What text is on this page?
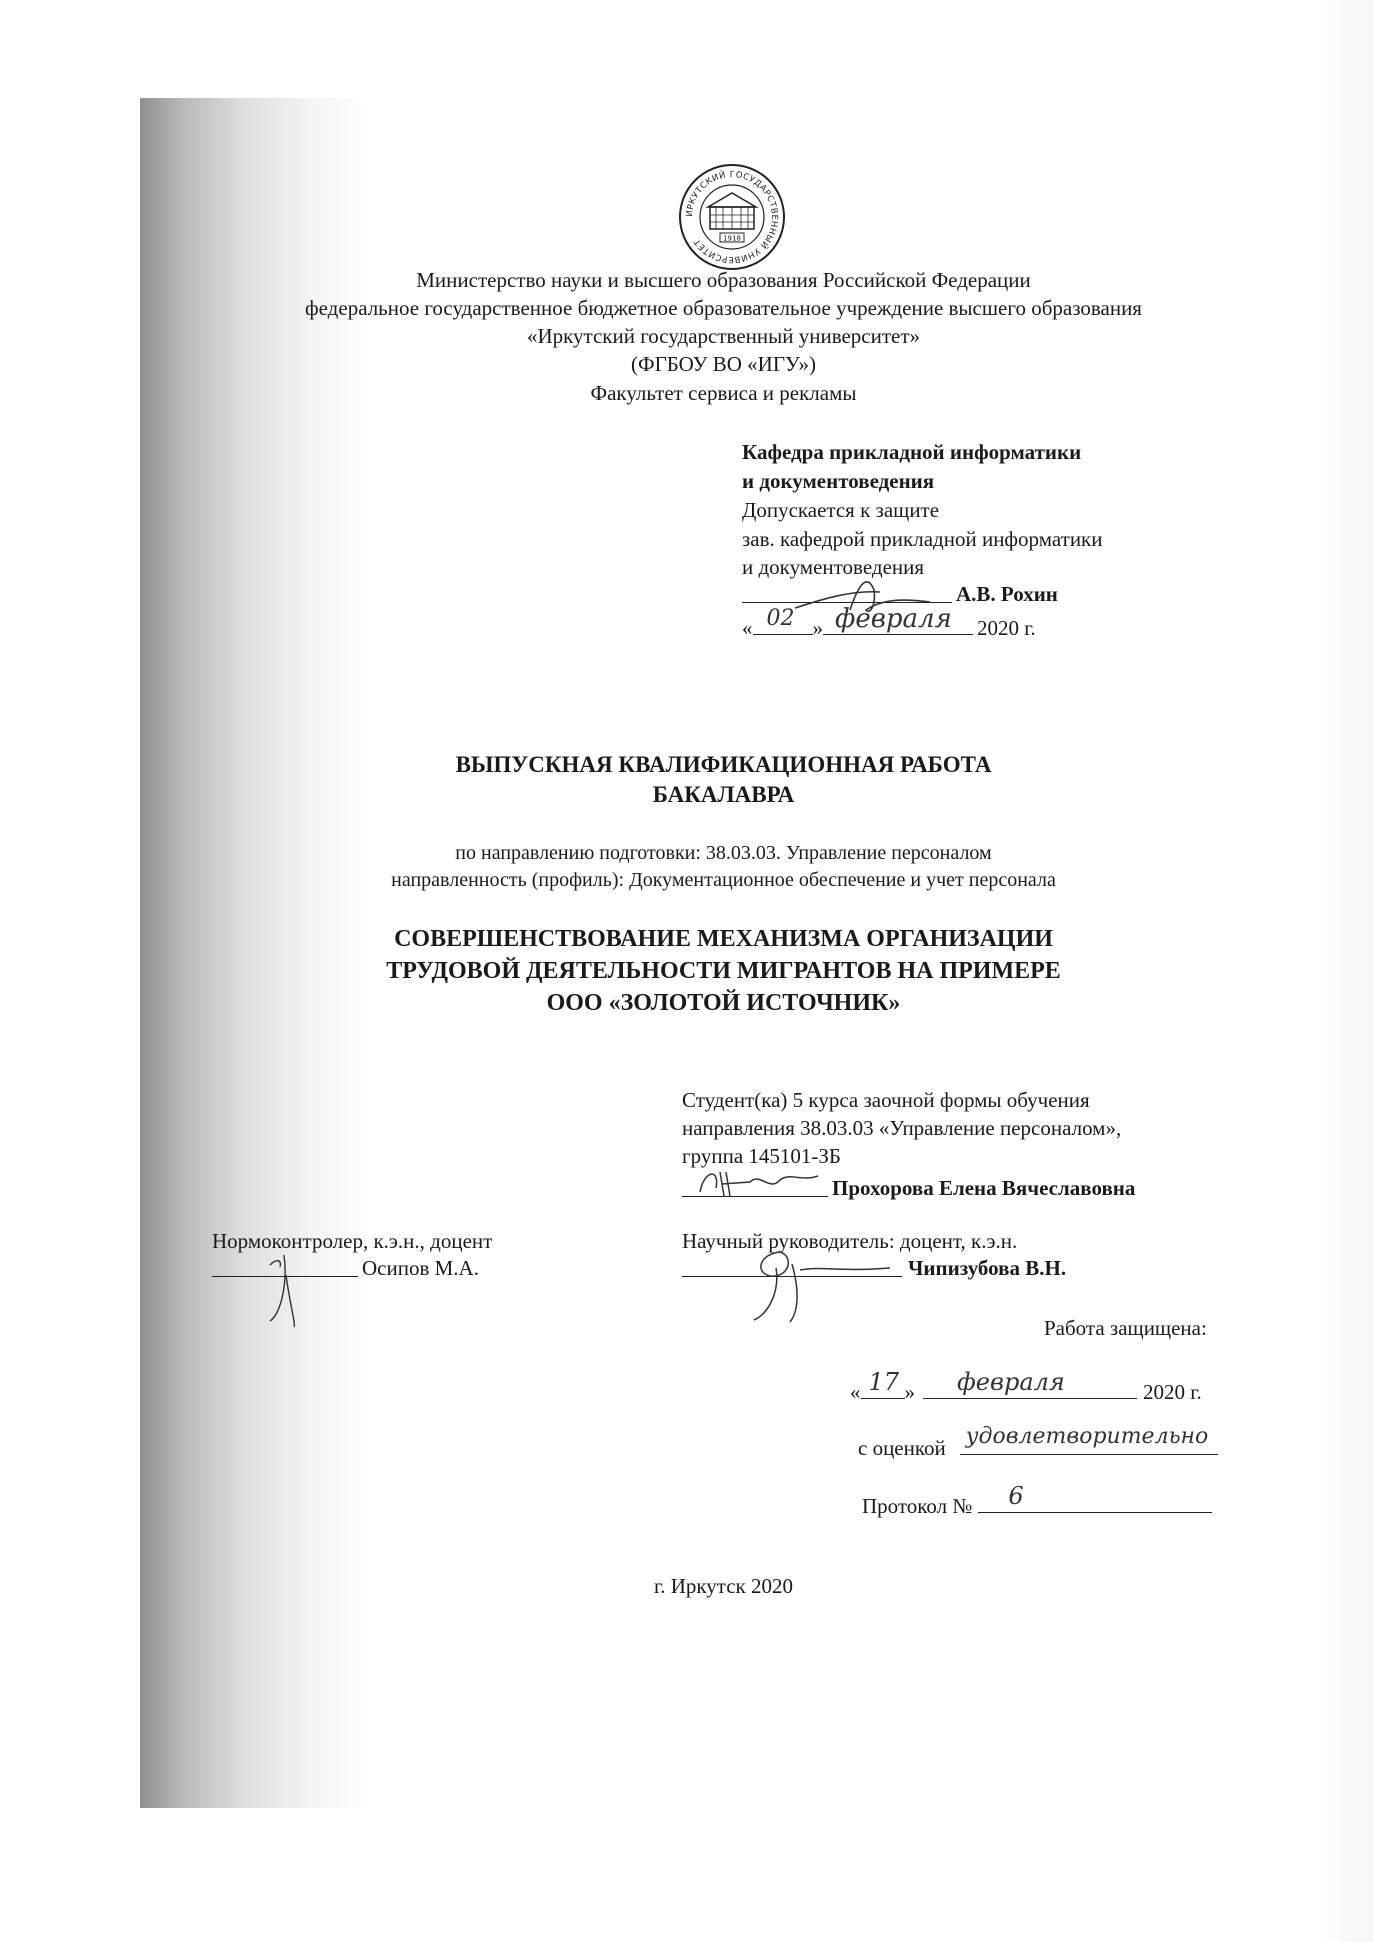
ИРКУТСКИЙ ГОСУДАРСТВЕННЫЙ УНИВЕРСИТЕТ	1918
Министерство науки и высшего образования Российской Федерации
федеральное государственное бюджетное образовательное учреждение высшего образования
«Иркутский государственный университет»
(ФГБОУ ВО «ИГУ»)
Факультет сервиса и рекламы
Кафедра прикладной информатики
и документоведения
Допускается к защите
зав. кафедрой прикладной информатики
и документоведения
А.В. Рохин
« 02 » февраля 2020 г.
ВЫПУСКНАЯ КВАЛИФИКАЦИОННАЯ РАБОТА
БАКАЛАВРА
по направлению подготовки: 38.03.03. Управление персоналом
направленность (профиль): Документационное обеспечение и учет персонала
СОВЕРШЕНСТВОВАНИЕ МЕХАНИЗМА ОРГАНИЗАЦИИ
ТРУДОВОЙ ДЕЯТЕЛЬНОСТИ МИГРАНТОВ НА ПРИМЕРЕ
ООО «ЗОЛОТОЙ ИСТОЧНИК»
Студент(ка) 5 курса заочной формы обучения
направления 38.03.03 «Управление персоналом»,
группа 145101-ЗБ
Прохорова Елена Вячеславовна
Нормоконтролер, к.э.н., доцент
Осипов М.А.
Научный руководитель: доцент, к.э.н.
Чипизубова В.Н.
Работа защищена:
« 17 » февраля	2020 г.
с оценкой удовлетворительно
Протокол № 6
г. Иркутск 2020
